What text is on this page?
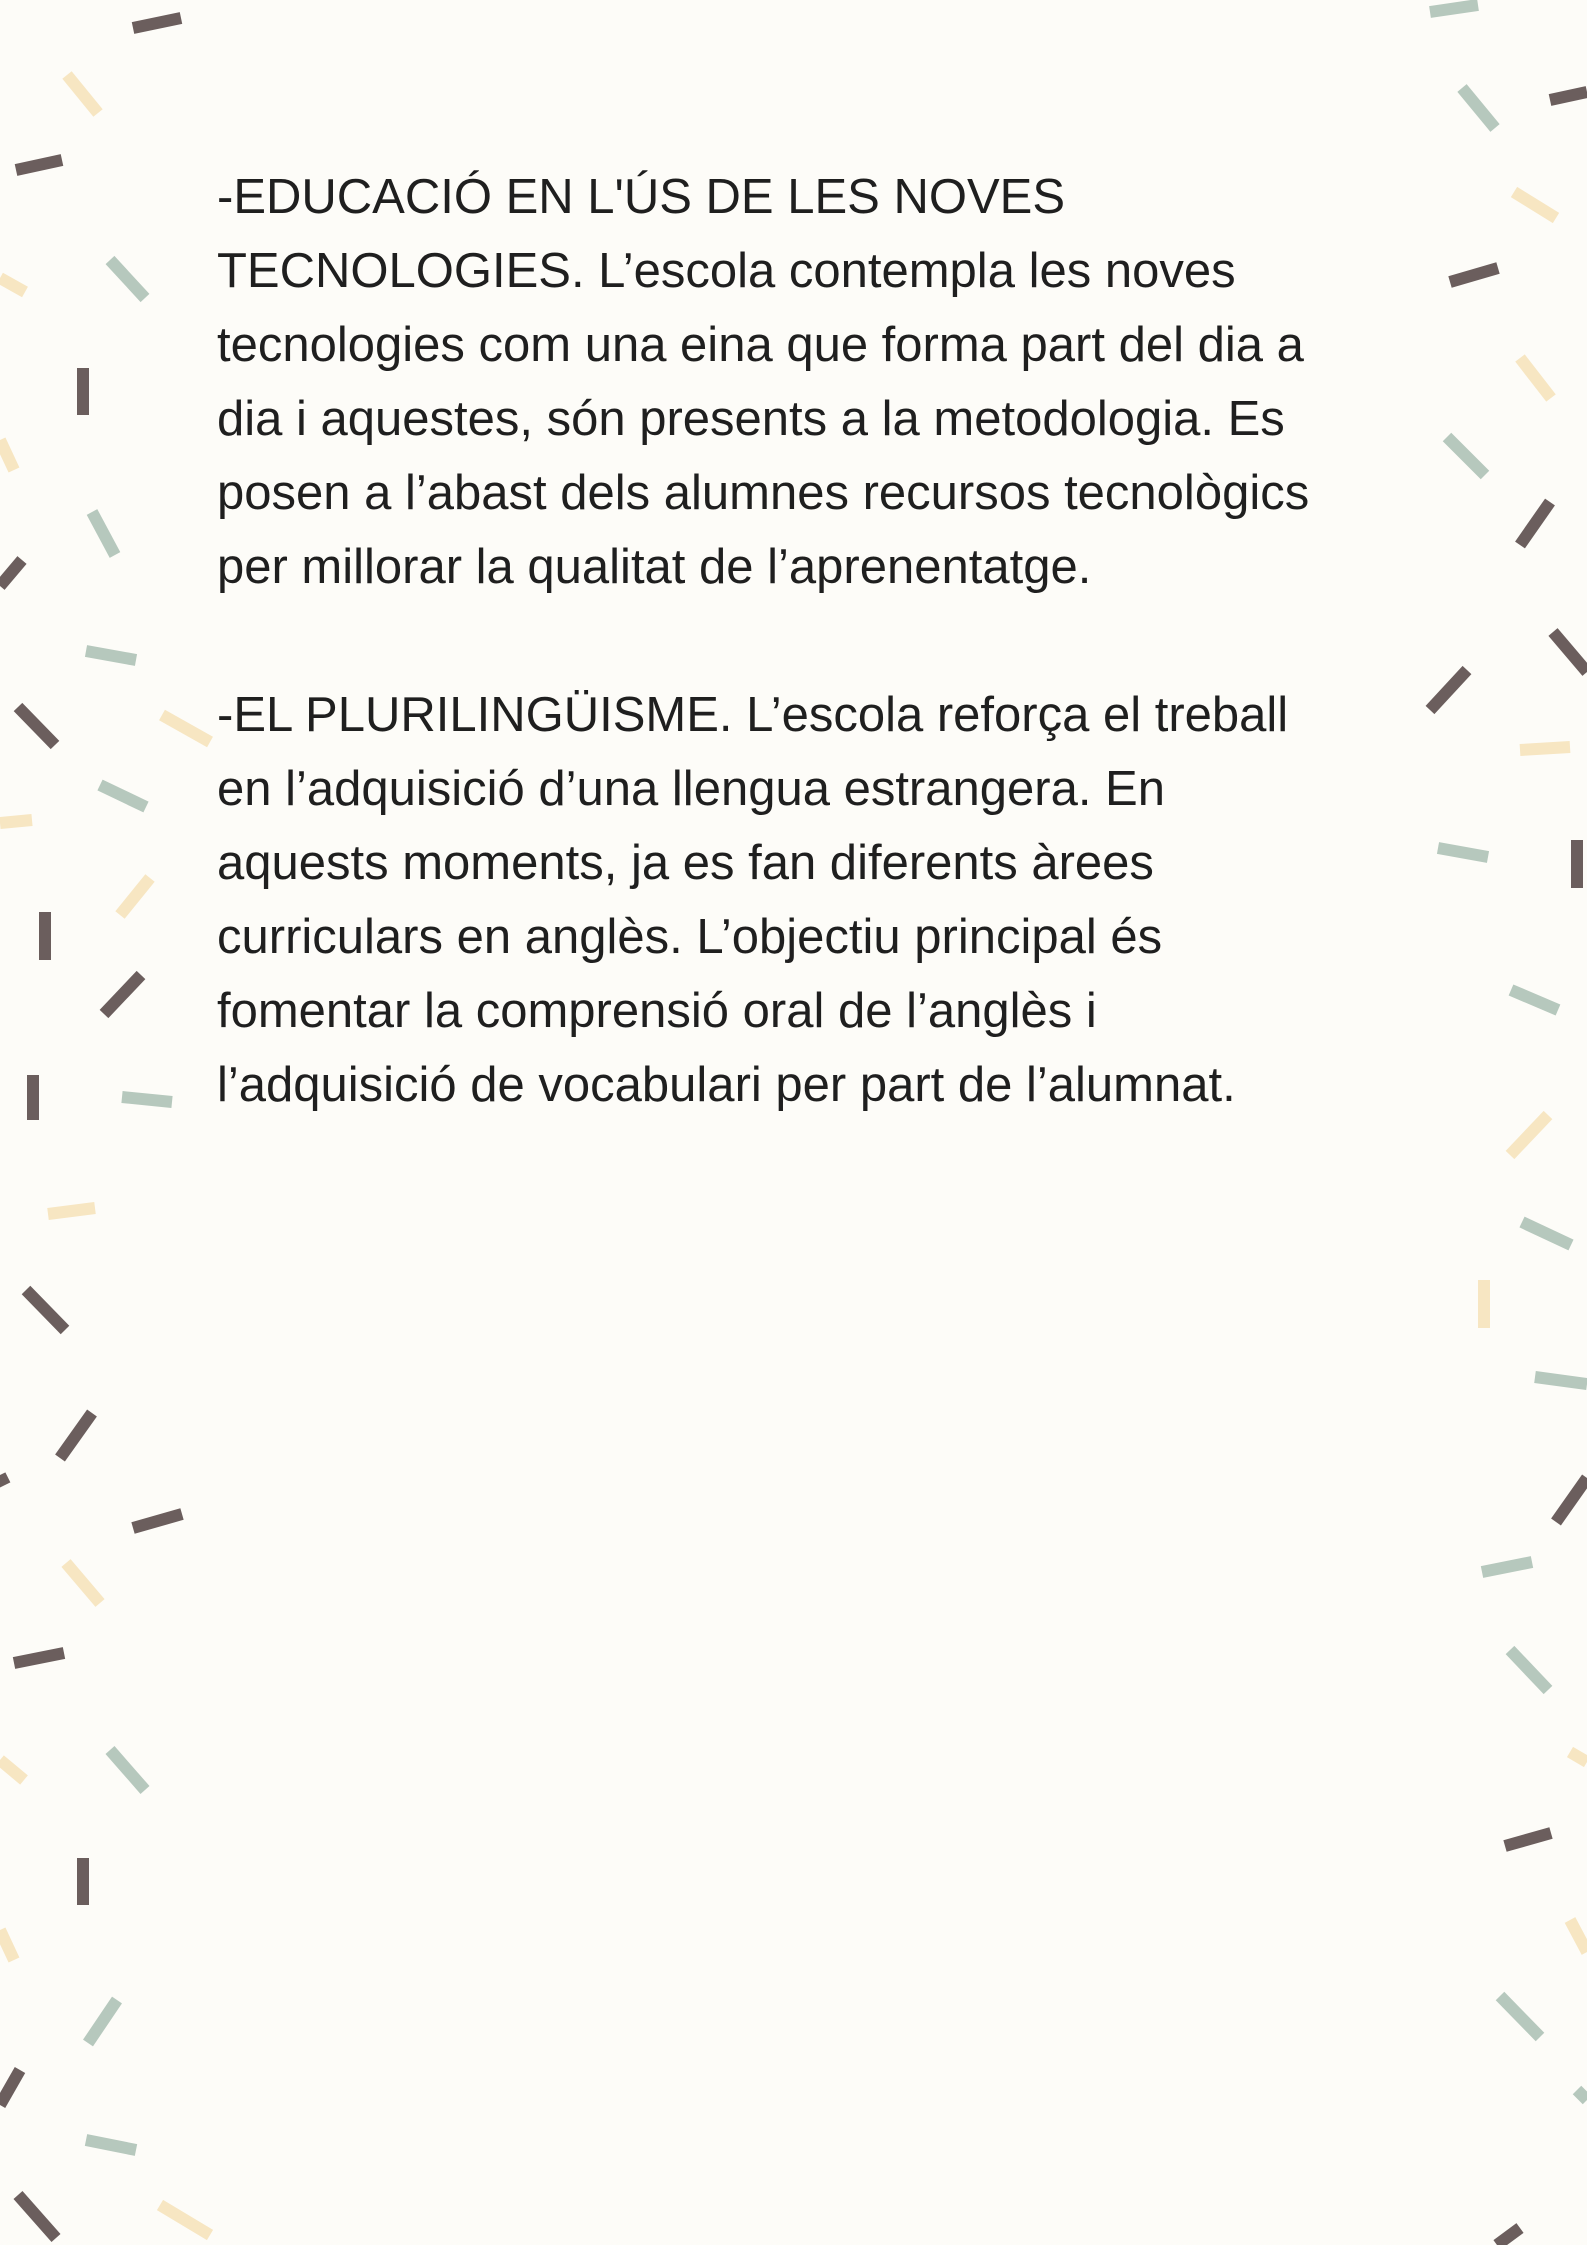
-EDUCACIÓ EN L'ÚS DE LES NOVES
TECNOLOGIES. L’escola contempla les noves
tecnologies com una eina que forma part del dia a
dia i aquestes, són presents a la metodologia. Es
posen a l’abast dels alumnes recursos tecnològics
per millorar la qualitat de l’aprenentatge.

-EL PLURILINGÜISME. L’escola reforça el treball
en l’adquisició d’una llengua estrangera. En
aquests moments, ja es fan diferents àrees
curriculars en anglès. L’objectiu principal és
fomentar la comprensió oral de l’anglès i
l’adquisició de vocabulari per part de l’alumnat.
